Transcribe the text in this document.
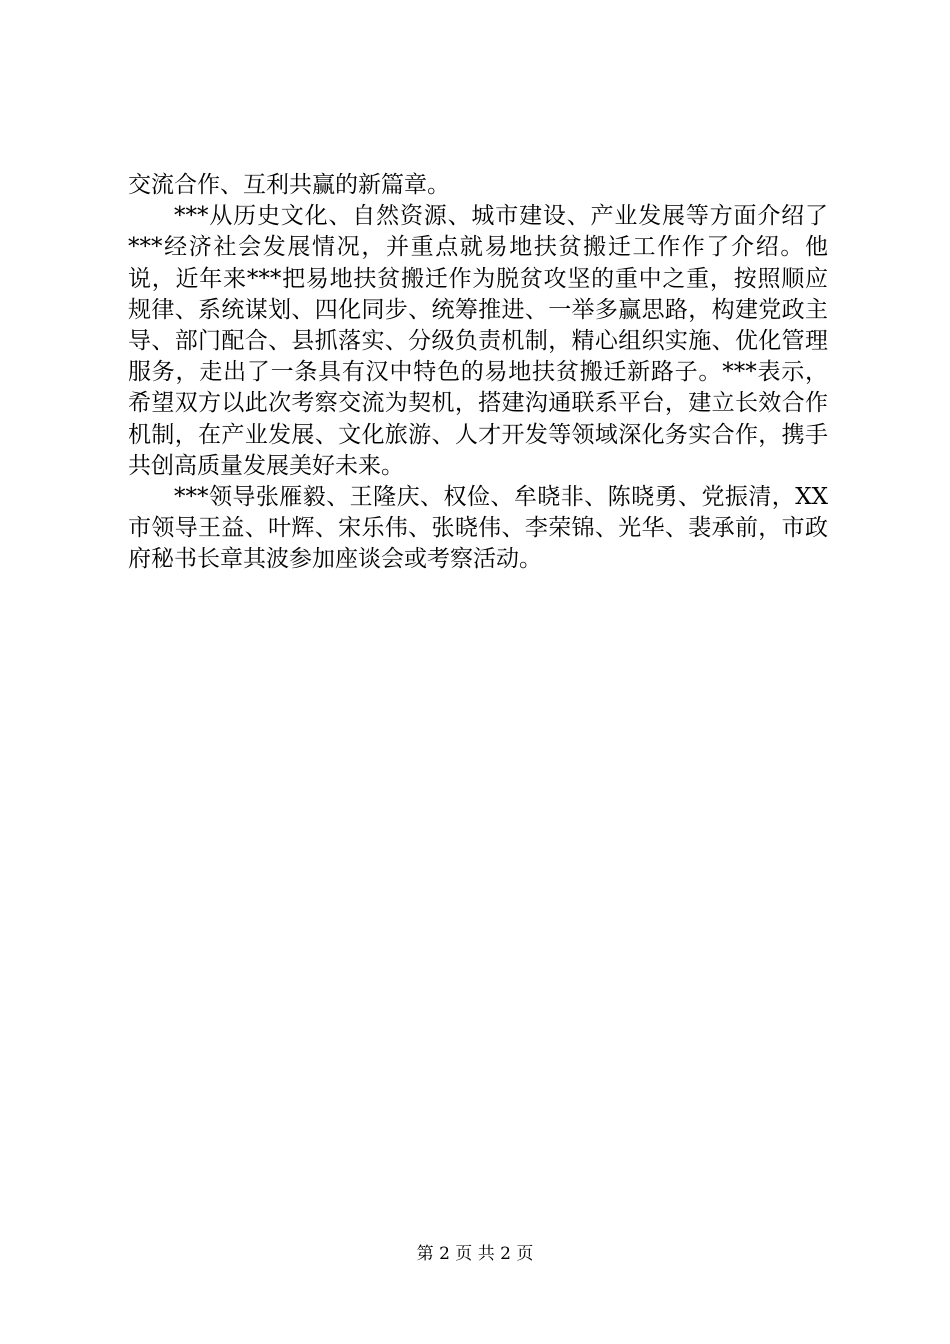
交流合作、互利共赢的新篇章。

***从历史文化、自然资源、城市建设、产业发展等方面介绍了***经济社会发展情况，并重点就易地扶贫搬迁工作作了介绍。他说，近年来***把易地扶贫搬迁作为脱贫攻坚的重中之重，按照顺应规律、系统谋划、四化同步、统筹推进、一举多赢思路，构建党政主导、部门配合、县抓落实、分级负责机制，精心组织实施、优化管理服务，走出了一条具有汉中特色的易地扶贫搬迁新路子。***表示，希望双方以此次考察交流为契机，搭建沟通联系平台，建立长效合作机制，在产业发展、文化旅游、人才开发等领域深化务实合作，携手共创高质量发展美好未来。

***领导张雁毅、王隆庆、权俭、牟晓非、陈晓勇、党振清，XX市领导王益、叶辉、宋乐伟、张晓伟、李荣锦、光华、裴承前，市政府秘书长章其波参加座谈会或考察活动。

第 2 页 共 2 页
